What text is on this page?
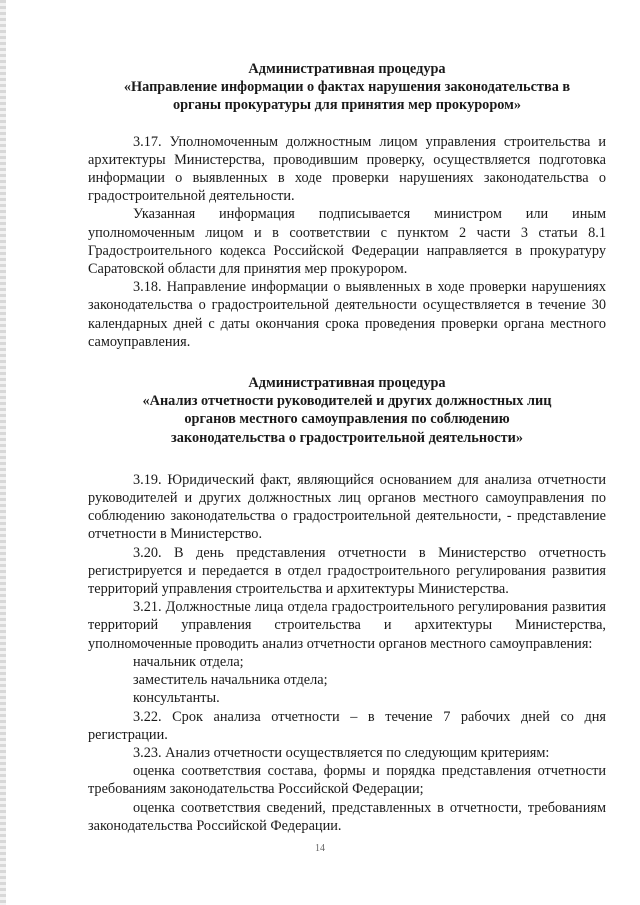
Административная процедура
«Направление информации о фактах нарушения законодательства в
органы прокуратуры для принятия мер прокурором»

3.17. Уполномоченным должностным лицом управления строительства и архитектуры Министерства, проводившим проверку, осуществляется подготовка информации о выявленных в ходе проверки нарушениях законодательства о градостроительной деятельности.

Указанная информация подписывается министром или иным уполномоченным лицом и в соответствии с пунктом 2 части 3 статьи 8.1 Градостроительного кодекса Российской Федерации направляется в прокуратуру Саратовской области для принятия мер прокурором.

3.18. Направление информации о выявленных в ходе проверки нарушениях законодательства о градостроительной деятельности осуществляется в течение 30 календарных дней с даты окончания срока проведения проверки органа местного самоуправления.

Административная процедура
«Анализ отчетности руководителей и других должностных лиц
органов местного самоуправления по соблюдению
законодательства о градостроительной деятельности»

3.19. Юридический факт, являющийся основанием для анализа отчетности руководителей и других должностных лиц органов местного самоуправления по соблюдению законодательства о градостроительной деятельности, - представление отчетности в Министерство.

3.20. В день представления отчетности в Министерство отчетность регистрируется и передается в отдел градостроительного регулирования развития территорий управления строительства и архитектуры Министерства.

3.21. Должностные лица отдела градостроительного регулирования развития территорий управления строительства и архитектуры Министерства, уполномоченные проводить анализ отчетности органов местного самоуправления:

начальник отдела;

заместитель начальника отдела;

консультанты.

3.22. Срок анализа отчетности – в течение 7 рабочих дней со дня регистрации.

3.23. Анализ отчетности осуществляется по следующим критериям:

оценка соответствия состава, формы и порядка представления отчетности требованиям законодательства Российской Федерации;

оценка соответствия сведений, представленных в отчетности, требованиям законодательства Российской Федерации.

14
